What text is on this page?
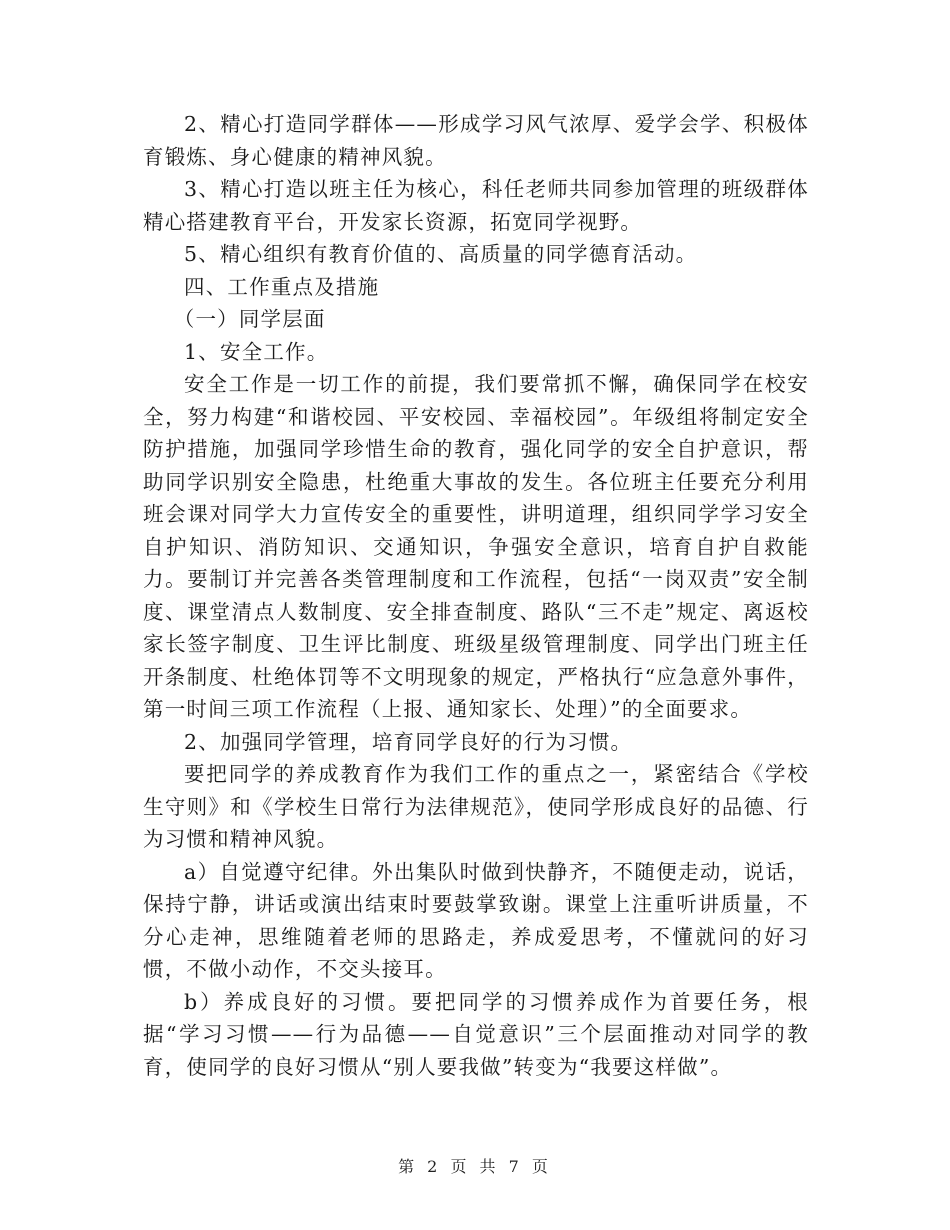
2、精心打造同学群体——形成学习风气浓厚、爱学会学、积极体育锻炼、身心健康的精神风貌。

3、精心打造以班主任为核心，科任老师共同参加管理的班级群体精心搭建教育平台，开发家长资源，拓宽同学视野。

5、精心组织有教育价值的、高质量的同学德育活动。

四、工作重点及措施

（一）同学层面

1、安全工作。

安全工作是一切工作的前提，我们要常抓不懈，确保同学在校安全，努力构建“和谐校园、平安校园、幸福校园”。年级组将制定安全防护措施，加强同学珍惜生命的教育，强化同学的安全自护意识，帮助同学识别安全隐患，杜绝重大事故的发生。各位班主任要充分利用班会课对同学大力宣传安全的重要性，讲明道理，组织同学学习安全自护知识、消防知识、交通知识，争强安全意识，培育自护自救能力。要制订并完善各类管理制度和工作流程，包括“一岗双责”安全制度、课堂清点人数制度、安全排查制度、路队“三不走”规定、离返校家长签字制度、卫生评比制度、班级星级管理制度、同学出门班主任开条制度、杜绝体罚等不文明现象的规定，严格执行“应急意外事件，第一时间三项工作流程（上报、通知家长、处理）”的全面要求。

2、加强同学管理，培育同学良好的行为习惯。

要把同学的养成教育作为我们工作的重点之一，紧密结合《学校生守则》和《学校生日常行为法律规范》，使同学形成良好的品德、行为习惯和精神风貌。

a）自觉遵守纪律。外出集队时做到快静齐，不随便走动，说话，保持宁静，讲话或演出结束时要鼓掌致谢。课堂上注重听讲质量，不分心走神，思维随着老师的思路走，养成爱思考，不懂就问的好习惯，不做小动作，不交头接耳。

b）养成良好的习惯。要把同学的习惯养成作为首要任务，根据“学习习惯——行为品德——自觉意识”三个层面推动对同学的教育，使同学的良好习惯从“别人要我做”转变为“我要这样做”。

第 2 页 共 7 页
